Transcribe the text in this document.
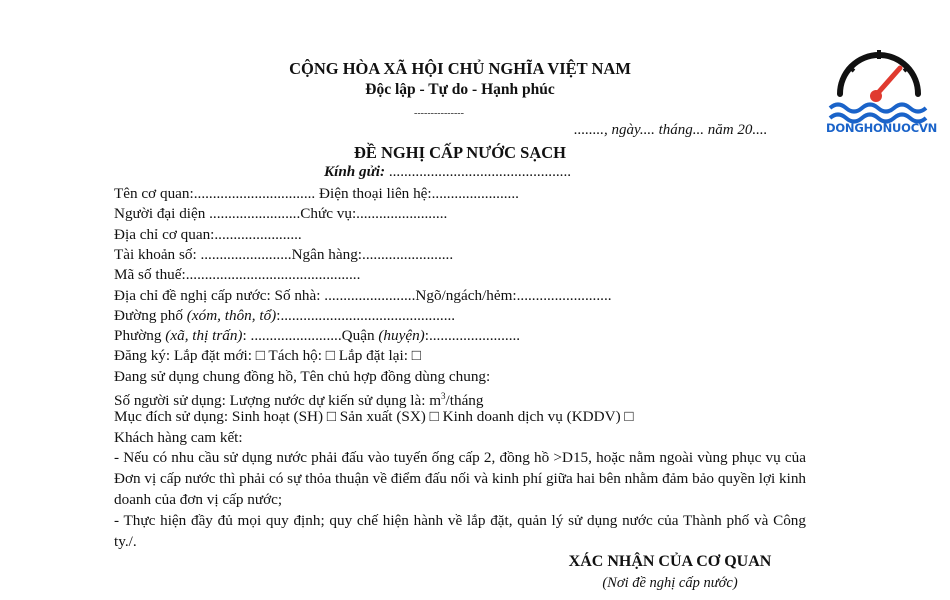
CỘNG HÒA XÃ HỘI CHỦ NGHĨA VIỆT NAM
Độc lập - Tự do - Hạnh phúc
---------------
........, ngày.... tháng... năm 20....
ĐỀ NGHỊ CẤP NƯỚC SẠCH
Kính gửi: ................................................
Tên cơ quan:................................ Điện thoại liên hệ:.......................
Người đại diện ........................Chức vụ:........................
Địa chỉ cơ quan:.......................
Tài khoản số: ........................Ngân hàng:........................
Mã số thuế:..............................................
Địa chỉ đề nghị cấp nước: Số nhà: ........................Ngõ/ngách/hẻm:.........................
Đường phố (xóm, thôn, tổ):..............................................
Phường (xã, thị trấn): ........................Quận (huyện):........................
Đăng ký: Lắp đặt mới: □ Tách hộ: □ Lắp đặt lại: □
Đang sử dụng chung đồng hồ, Tên chủ hợp đồng dùng chung:
Số người sử dụng: Lượng nước dự kiến sử dụng là: $m^3$/tháng
Mục đích sử dụng: Sinh hoạt (SH) □ Sản xuất (SX) □ Kinh doanh dịch vụ (KDDV) □
Khách hàng cam kết:
- Nếu có nhu cầu sử dụng nước phải đấu vào tuyến ống cấp 2, đồng hồ >D15, hoặc nằm ngoài vùng phục vụ của Đơn vị cấp nước thì phải có sự thỏa thuận về điểm đấu nối và kinh phí giữa hai bên nhằm đảm bảo quyền lợi kinh doanh của đơn vị cấp nước;
- Thực hiện đầy đủ mọi quy định; quy chế hiện hành về lắp đặt, quản lý sử dụng nước của Thành phố và Công ty./.
XÁC NHẬN CỦA CƠ QUAN
(Nơi đề nghị cấp nước)
DONGHONUOCVN
